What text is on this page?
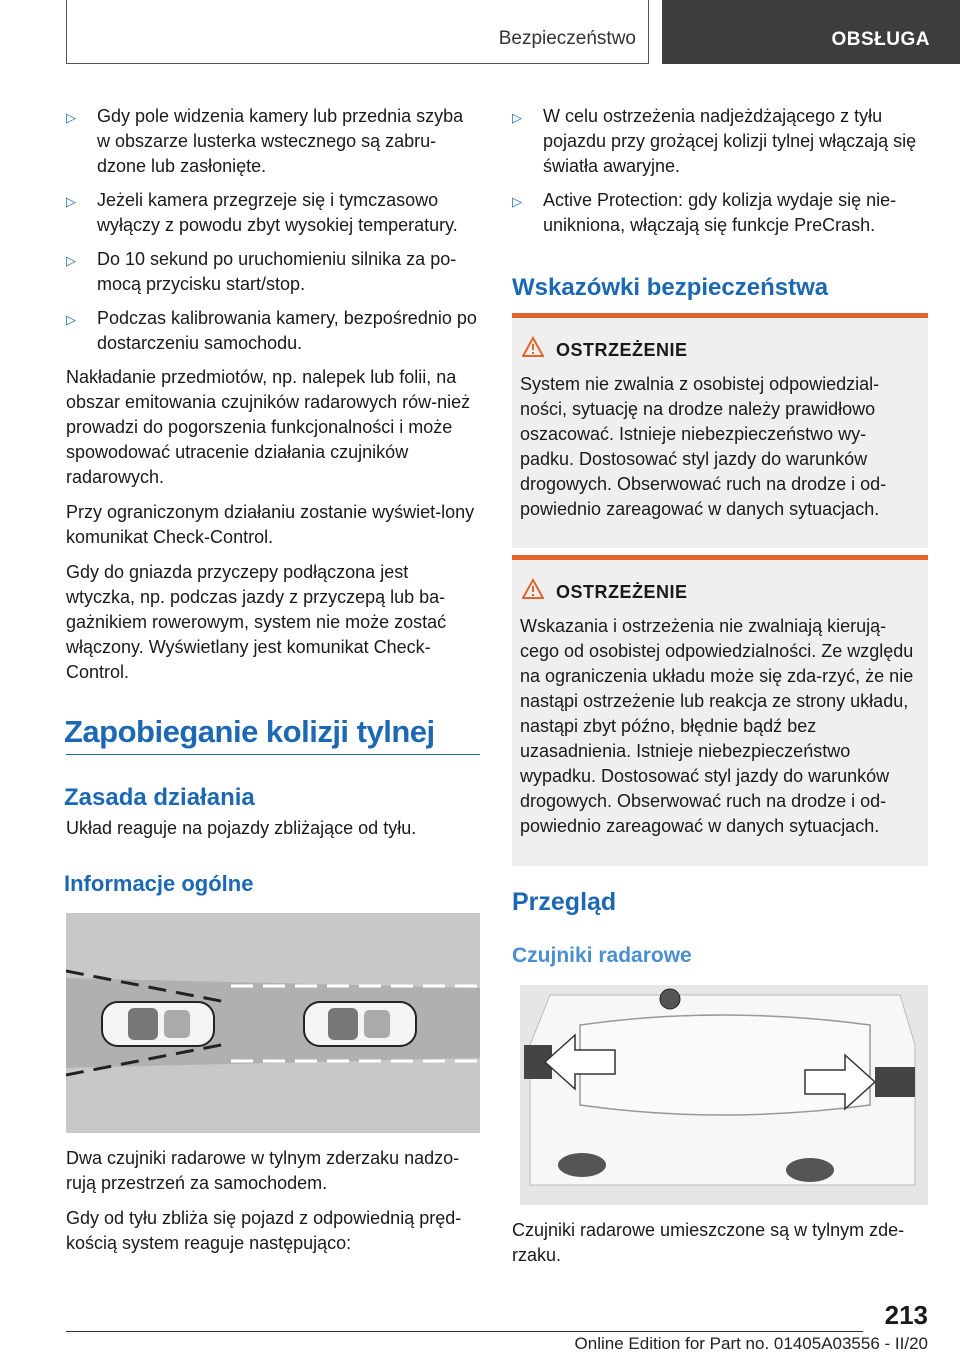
Bezpieczeństwo	OBSŁUGA
▷ Gdy pole widzenia kamery lub przednia szyba w obszarze lusterka wstecznego są zabru-dzone lub zasłonięte.
▷ Jeżeli kamera przegrzeje się i tymczasowo wyłączy z powodu zbyt wysokiej temperatury.
▷ Do 10 sekund po uruchomieniu silnika za po-mocą przycisku start/stop.
▷ Podczas kalibrowania kamery, bezpośrednio po dostarczeniu samochodu.

Nakładanie przedmiotów, np. nalepek lub folii, na obszar emitowania czujników radarowych rów-nież prowadzi do pogorszenia funkcjonalności i może spowodować utracenie działania czujników radarowych.

Przy ograniczonym działaniu zostanie wyświet-lony komunikat Check-Control.

Gdy do gniazda przyczepy podłączona jest wtyczka, np. podczas jazdy z przyczepą lub ba-gażnikiem rowerowym, system nie może zostać włączony. Wyświetlany jest komunikat Check-Control.

Zapobieganie kolizji tylnej
Zasada działania
Układ reaguje na pojazdy zbliżające od tyłu.
Informacje ogólne

Dwa czujniki radarowe w tylnym zderzaku nadzo-rują przestrzeń za samochodem.

Gdy od tyłu zbliża się pojazd z odpowiednią pręd-kością system reaguje następująco:

▷ W celu ostrzeżenia nadjeżdżającego z tyłu pojazdu przy grożącej kolizji tylnej włączają się światła awaryjne.
▷ Active Protection: gdy kolizja wydaje się nie-unikniona, włączają się funkcje PreCrash.
Wskazówki bezpieczeństwa
OSTRZEŻENIE
System nie zwalnia z osobistej odpowiedzial-ności, sytuację na drodze należy prawidłowo oszacować. Istnieje niebezpieczeństwo wy-padku. Dostosować styl jazdy do warunków drogowych. Obserwować ruch na drodze i od-powiednio zareagować w danych sytuacjach.
OSTRZEŻENIE
Wskazania i ostrzeżenia nie zwalniają kierują-cego od osobistej odpowiedzialności. Ze względu na ograniczenia układu może się zda-rzyć, że nie nastąpi ostrzeżenie lub reakcja ze strony układu, nastąpi zbyt późno, błędnie bądź bez uzasadnienia. Istnieje niebezpieczeństwo wypadku. Dostosować styl jazdy do warunków drogowych. Obserwować ruch na drodze i od-powiednio zareagować w danych sytuacjach.
Przegląd
Czujniki radarowe

Czujniki radarowe umieszczone są w tylnym zde-rzaku.

213
Online Edition for Part no. 01405A03556 - II/20
